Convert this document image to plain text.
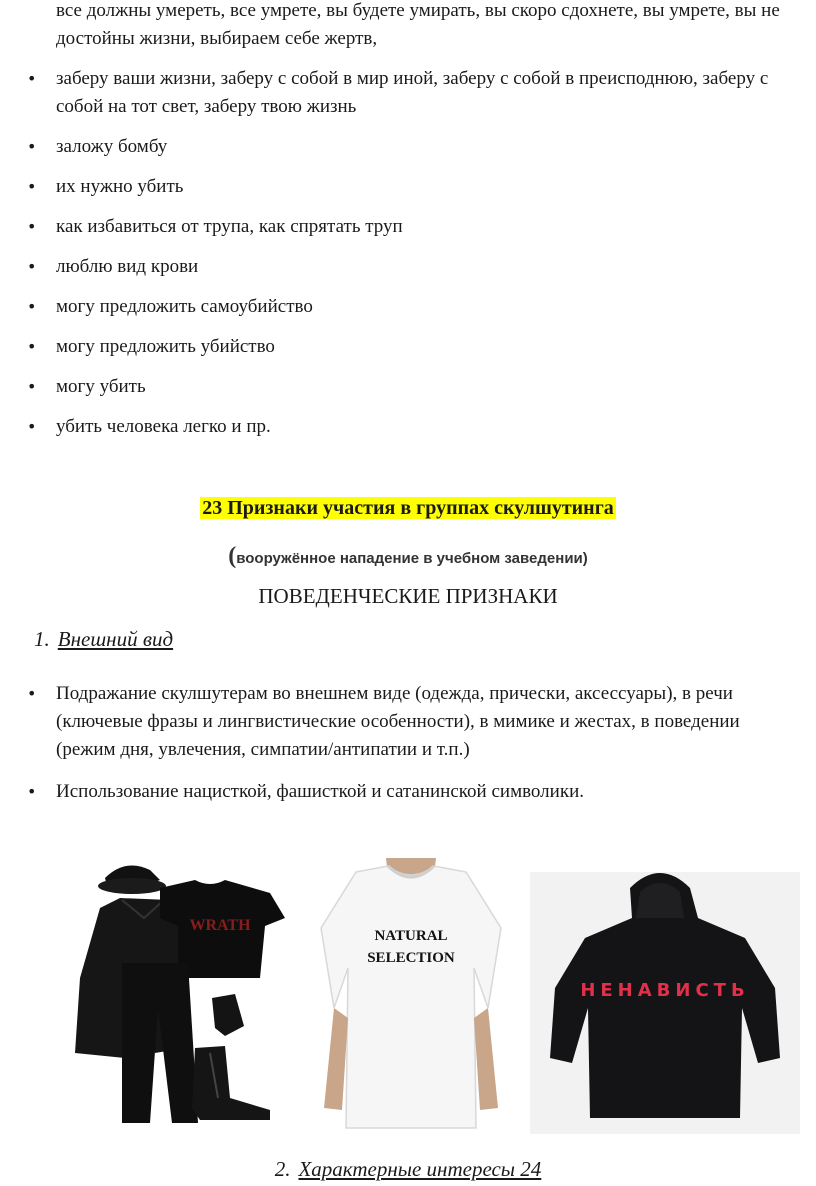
все должны умереть, все умрете, вы будете умирать, вы скоро сдохнете, вы умрете, вы не достойны жизни, выбираем себе жертв,
• заберу ваши жизни, заберу с собой в мир иной, заберу с собой в преисподнюю, заберу с собой на тот свет, заберу твою жизнь
• заложу бомбу
• их нужно убить
• как избавиться от трупа, как спрятать труп
• люблю вид крови
• могу предложить самоубийство
• могу предложить убийство
• могу убить
• убить человека легко и пр.
23 Признаки участия в группах скулшутинга
(вооружённое нападение в учебном заведении)
ПОВЕДЕНЧЕСКИЕ ПРИЗНАКИ
1. Внешний вид
• Подражание скулшутерам во внешнем виде (одежда, прически, аксессуары), в речи (ключевые фразы и лингвистические особенности), в мимике и жестах, в поведении (режим дня, увлечения, симпатии/антипатии и т.п.)
• Использование нацисткой, фашисткой и сатанинской символики.
WRATH
NATURAL
SELECTION
НЕНАВИСТЬ
2. Характерные интересы 24
